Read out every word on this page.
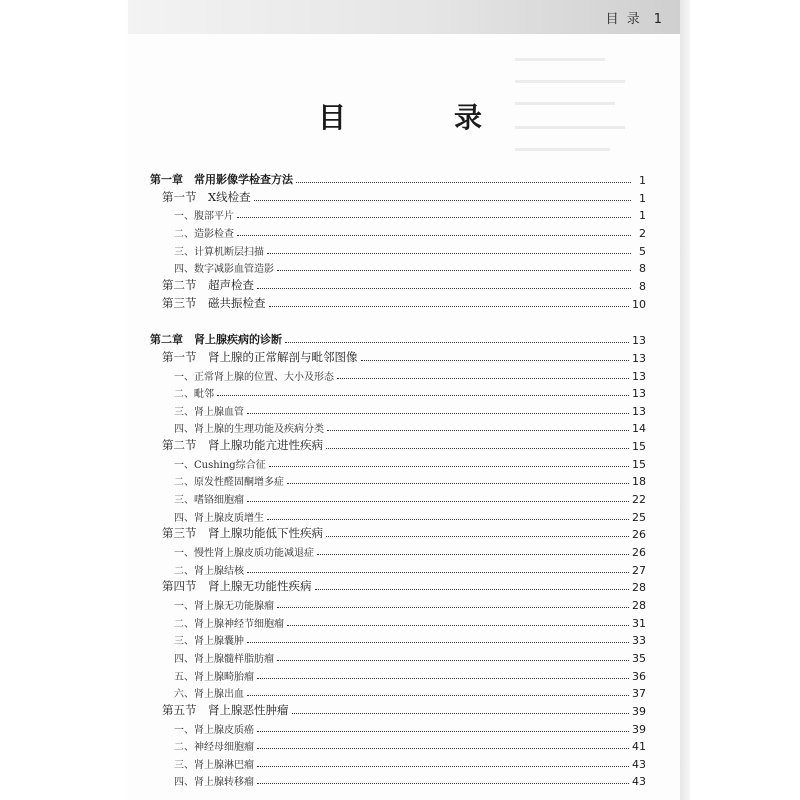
目 录 1
目　录
第一章　常用影像学检查方法	1
第一节　X线检查	1
一、腹部平片	1
二、造影检查	2
三、计算机断层扫描	5
四、数字减影血管造影	8
第二节　超声检查	8
第三节　磁共振检查	10
第二章　肾上腺疾病的诊断	13
第一节　肾上腺的正常解剖与毗邻图像	13
一、正常肾上腺的位置、大小及形态	13
二、毗邻	13
三、肾上腺血管	13
四、肾上腺的生理功能及疾病分类	14
第二节　肾上腺功能亢进性疾病	15
一、Cushing综合征	15
二、原发性醛固酮增多症	18
三、嗜铬细胞瘤	22
四、肾上腺皮质增生	25
第三节　肾上腺功能低下性疾病	26
一、慢性肾上腺皮质功能减退症	26
二、肾上腺结核	27
第四节　肾上腺无功能性疾病	28
一、肾上腺无功能腺瘤	28
二、肾上腺神经节细胞瘤	31
三、肾上腺囊肿	33
四、肾上腺髓样脂肪瘤	35
五、肾上腺畸胎瘤	36
六、肾上腺出血	37
第五节　肾上腺恶性肿瘤	39
一、肾上腺皮质癌	39
二、神经母细胞瘤	41
三、肾上腺淋巴瘤	43
四、肾上腺转移瘤	43
